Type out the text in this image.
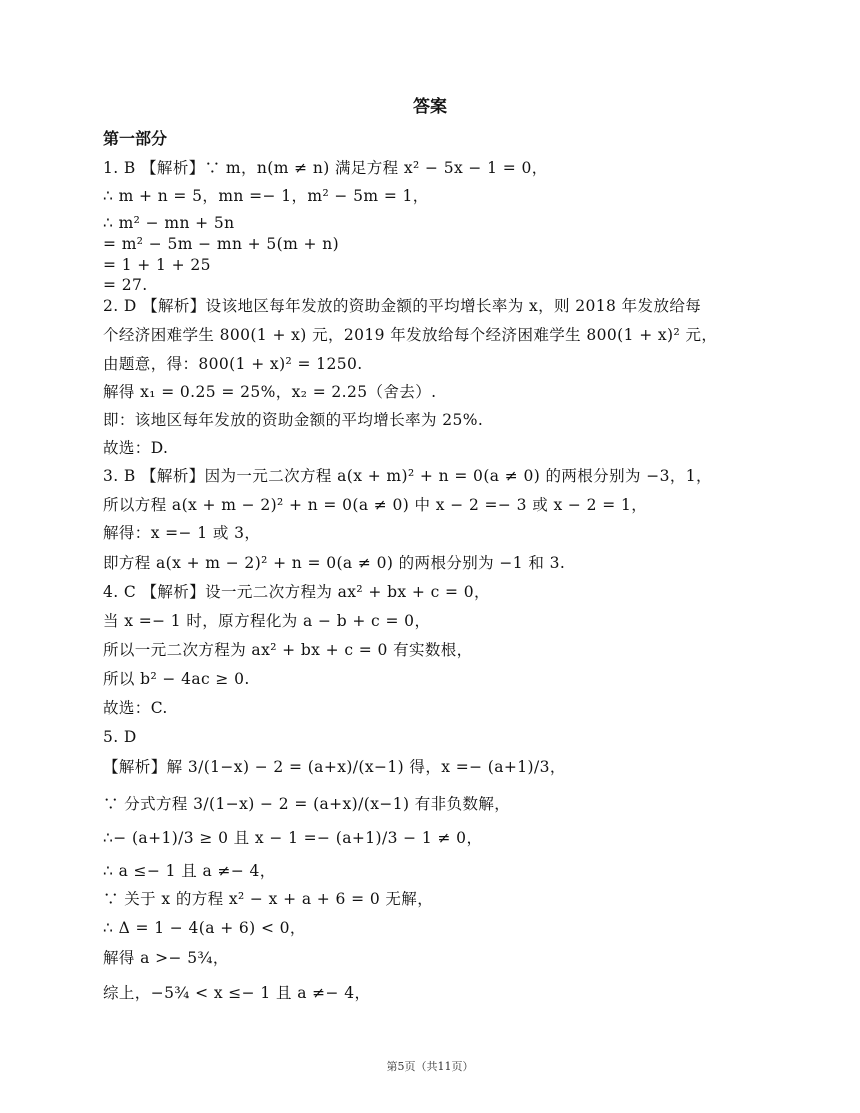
答案
第一部分
1. B 【解析】∵ m，n(m ≠ n) 满足方程 x² − 5x − 1 = 0，
∴ m + n = 5，mn =− 1，m² − 5m = 1，
∴ m² − mn + 5n
= m² − 5m − mn + 5(m + n)
= 1 + 1 + 25
= 27.
2. D 【解析】设该地区每年发放的资助金额的平均增长率为 x，则 2018 年发放给每
个经济困难学生 800(1 + x) 元，2019 年发放给每个经济困难学生 800(1 + x)² 元，
由题意，得：800(1 + x)² = 1250.
解得 x₁ = 0.25 = 25%，x₂ = 2.25（舍去）.
即：该地区每年发放的资助金额的平均增长率为 25%.
故选：D.
3. B 【解析】因为一元二次方程 a(x + m)² + n = 0(a ≠ 0) 的两根分别为 −3，1，
所以方程 a(x + m − 2)² + n = 0(a ≠ 0) 中 x − 2 =− 3 或 x − 2 = 1，
解得：x =− 1 或 3，
即方程 a(x + m − 2)² + n = 0(a ≠ 0) 的两根分别为 −1 和 3.
4. C 【解析】设一元二次方程为 ax² + bx + c = 0，
当 x =− 1 时，原方程化为 a − b + c = 0，
所以一元二次方程为 ax² + bx + c = 0 有实数根，
所以 b² − 4ac ≥ 0.
故选：C.
5. D
【解析】解 3/(1−x) − 2 = (a+x)/(x−1) 得，x =− (a+1)/3，
∵ 分式方程 3/(1−x) − 2 = (a+x)/(x−1) 有非负数解，
∴− (a+1)/3 ≥ 0 且 x − 1 =− (a+1)/3 − 1 ≠ 0，
∴ a ≤− 1 且 a ≠− 4，
∵ 关于 x 的方程 x² − x + a + 6 = 0 无解，
∴ Δ = 1 − 4(a + 6) < 0，
解得 a >− 5¾，
综上，−5¾ < x ≤− 1 且 a ≠− 4，
第5页（共11页）
